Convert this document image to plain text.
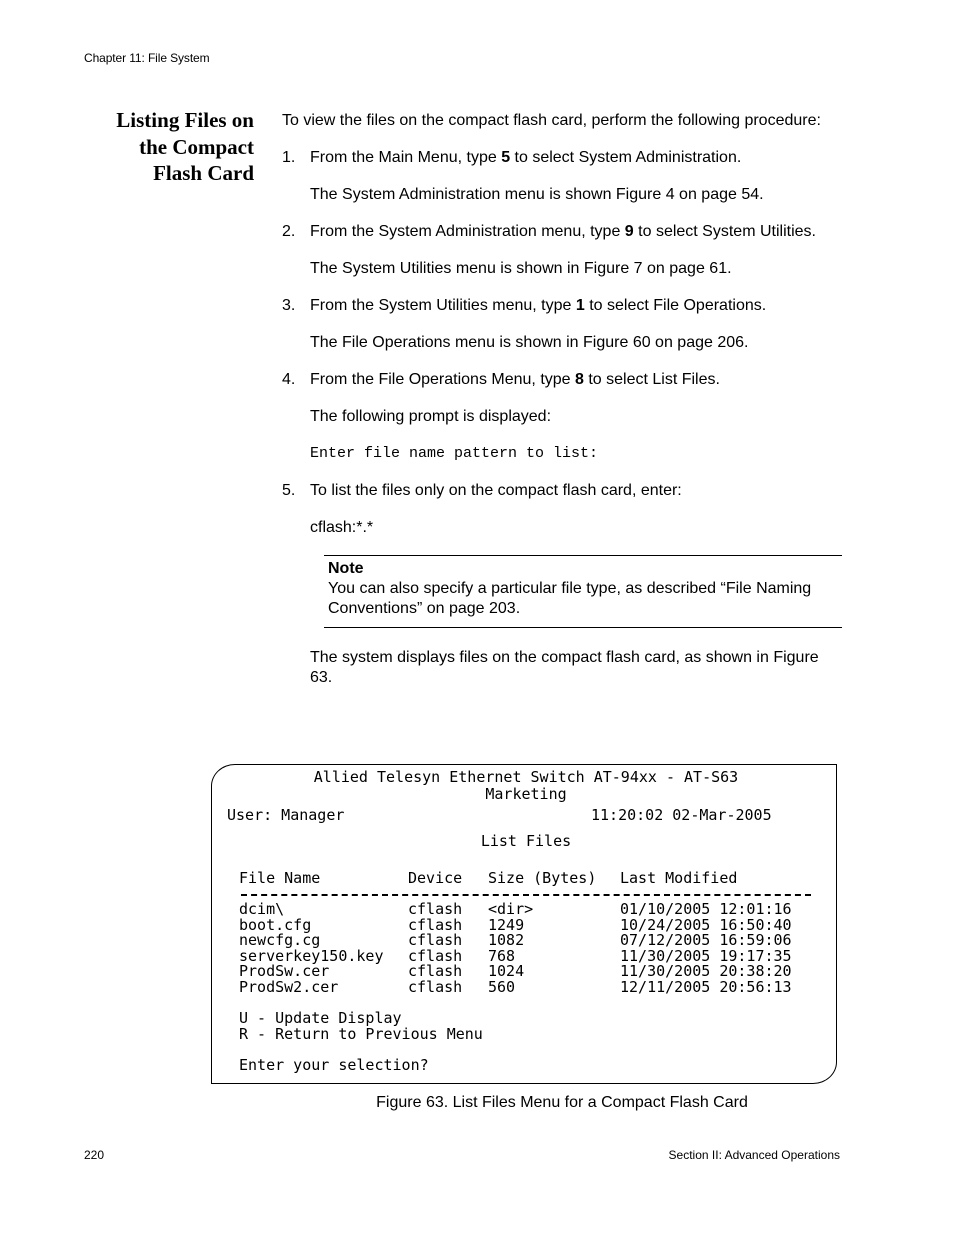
Chapter 11: File System
Listing Files on
the Compact
Flash Card

To view the files on the compact flash card, perform the following procedure:

1. From the Main Menu, type 5 to select System Administration.

The System Administration menu is shown Figure 4 on page 54.

2. From the System Administration menu, type 9 to select System Utilities.

The System Utilities menu is shown in Figure 7 on page 61.

3. From the System Utilities menu, type 1 to select File Operations.

The File Operations menu is shown in Figure 60 on page 206.

4. From the File Operations Menu, type 8 to select List Files.

The following prompt is displayed:

Enter file name pattern to list:

5. To list the files only on the compact flash card, enter:

cflash:*.*

Note
You can also specify a particular file type, as described “File Naming Conventions” on page 203.

The system displays files on the compact flash card, as shown in Figure 63.

Allied Telesyn Ethernet Switch AT-94xx - AT-S63
Marketing
User: Manager	11:20:02 02-Mar-2005
List Files
File Name	Device Size (Bytes) Last Modified
dcim\	cflash <dir>	01/10/2005 12:01:16
boot.cfg	cflash 1249	10/24/2005 16:50:40
newcfg.cg	cflash 1082	07/12/2005 16:59:06
serverkey150.key cflash 768	11/30/2005 19:17:35
ProdSw.cer	cflash 1024	11/30/2005 20:38:20
ProdSw2.cer	cflash 560	12/11/2005 20:56:13
U - Update Display
R - Return to Previous Menu
Enter your selection?
Figure 63. List Files Menu for a Compact Flash Card
220	Section II: Advanced Operations
